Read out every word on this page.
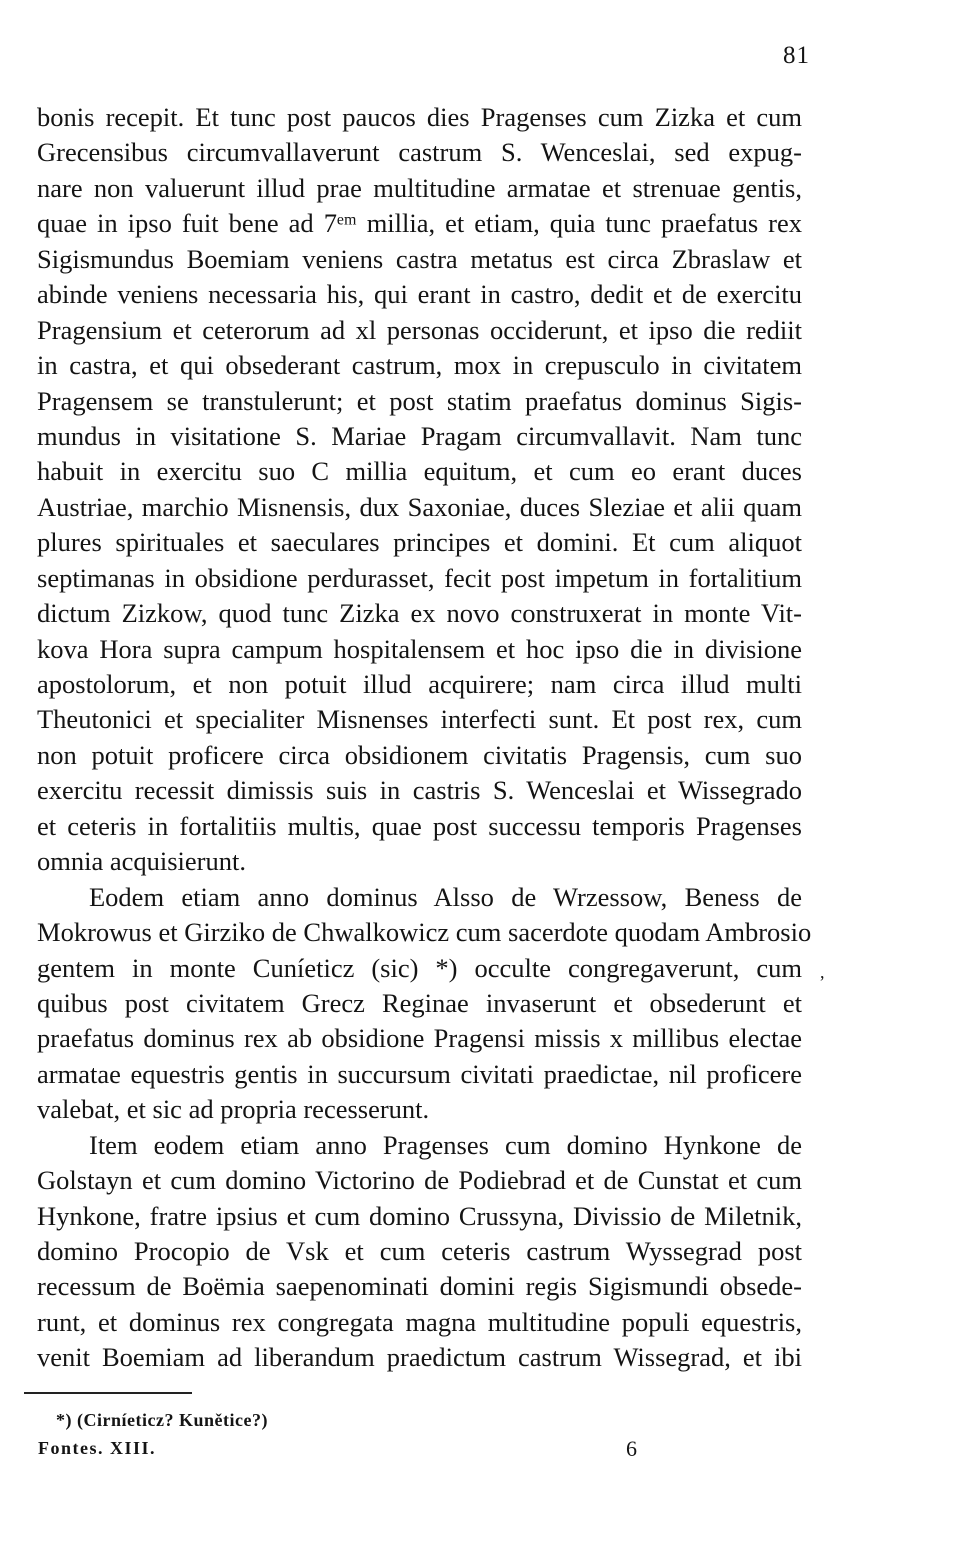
81
bonis recepit. Et tunc post paucos dies Pragenses cum Zizka et cum
Grecensibus circumvallaverunt castrum S. Wenceslai, sed expug-
nare non valuerunt illud prae multitudine armatae et strenuae gentis,
quae in ipso fuit bene ad 7ᵉᵐ millia, et etiam, quia tunc praefatus rex
Sigismundus Boemiam veniens castra metatus est circa Zbraslaw et
abinde veniens necessaria his, qui erant in castro, dedit et de exercitu
Pragensium et ceterorum ad xl personas occiderunt, et ipso die rediit
in castra, et qui obsederant castrum, mox in crepusculo in civitatem
Pragensem se transtulerunt; et post statim praefatus dominus Sigis-
mundus in visitatione S. Mariae Pragam circumvallavit. Nam tunc
habuit in exercitu suo C millia equitum, et cum eo erant duces
Austriae, marchio Misnensis, dux Saxoniae, duces Sleziae et alii quam
plures spirituales et saeculares principes et domini. Et cum aliquot
septimanas in obsidione perdurasset, fecit post impetum in fortalitium
dictum Zizkow, quod tunc Zizka ex novo construxerat in monte Vit-
kova Hora supra campum hospitalensem et hoc ipso die in divisione
apostolorum, et non potuit illud acquirere; nam circa illud multi
Theutonici et specialiter Misnenses interfecti sunt. Et post rex, cum
non potuit proficere circa obsidionem civitatis Pragensis, cum suo
exercitu recessit dimissis suis in castris S. Wenceslai et Wissegrado
et ceteris in fortalitiis multis, quae post successu temporis Pragenses
omnia acquisierunt.
Eodem etiam anno dominus Alsso de Wrzessow, Beness de
Mokrowus et Girziko de Chwalkowicz cum sacerdote quodam Ambrosio
gentem in monte Cuníeticz (sic) *) occulte congregaverunt, cum
quibus post civitatem Grecz Reginae invaserunt et obsederunt et
praefatus dominus rex ab obsidione Pragensi missis x millibus electae
armatae equestris gentis in succursum civitati praedictae, nil proficere
valebat, et sic ad propria recesserunt.
Item eodem etiam anno Pragenses cum domino Hynkone de
Golstayn et cum domino Victorino de Podiebrad et de Cunstat et cum
Hynkone, fratre ipsius et cum domino Crussyna, Divissio de Miletnik,
domino Procopio de Vsk et cum ceteris castrum Wyssegrad post
recessum de Boëmia saepenominati domini regis Sigismundi obsede-
runt, et dominus rex congregata magna multitudine populi equestris,
venit Boemiam ad liberandum praedictum castrum Wissegrad, et ibi
,
*) (Cirníeticz? Kunětice?)
Fontes. XIII.	6
